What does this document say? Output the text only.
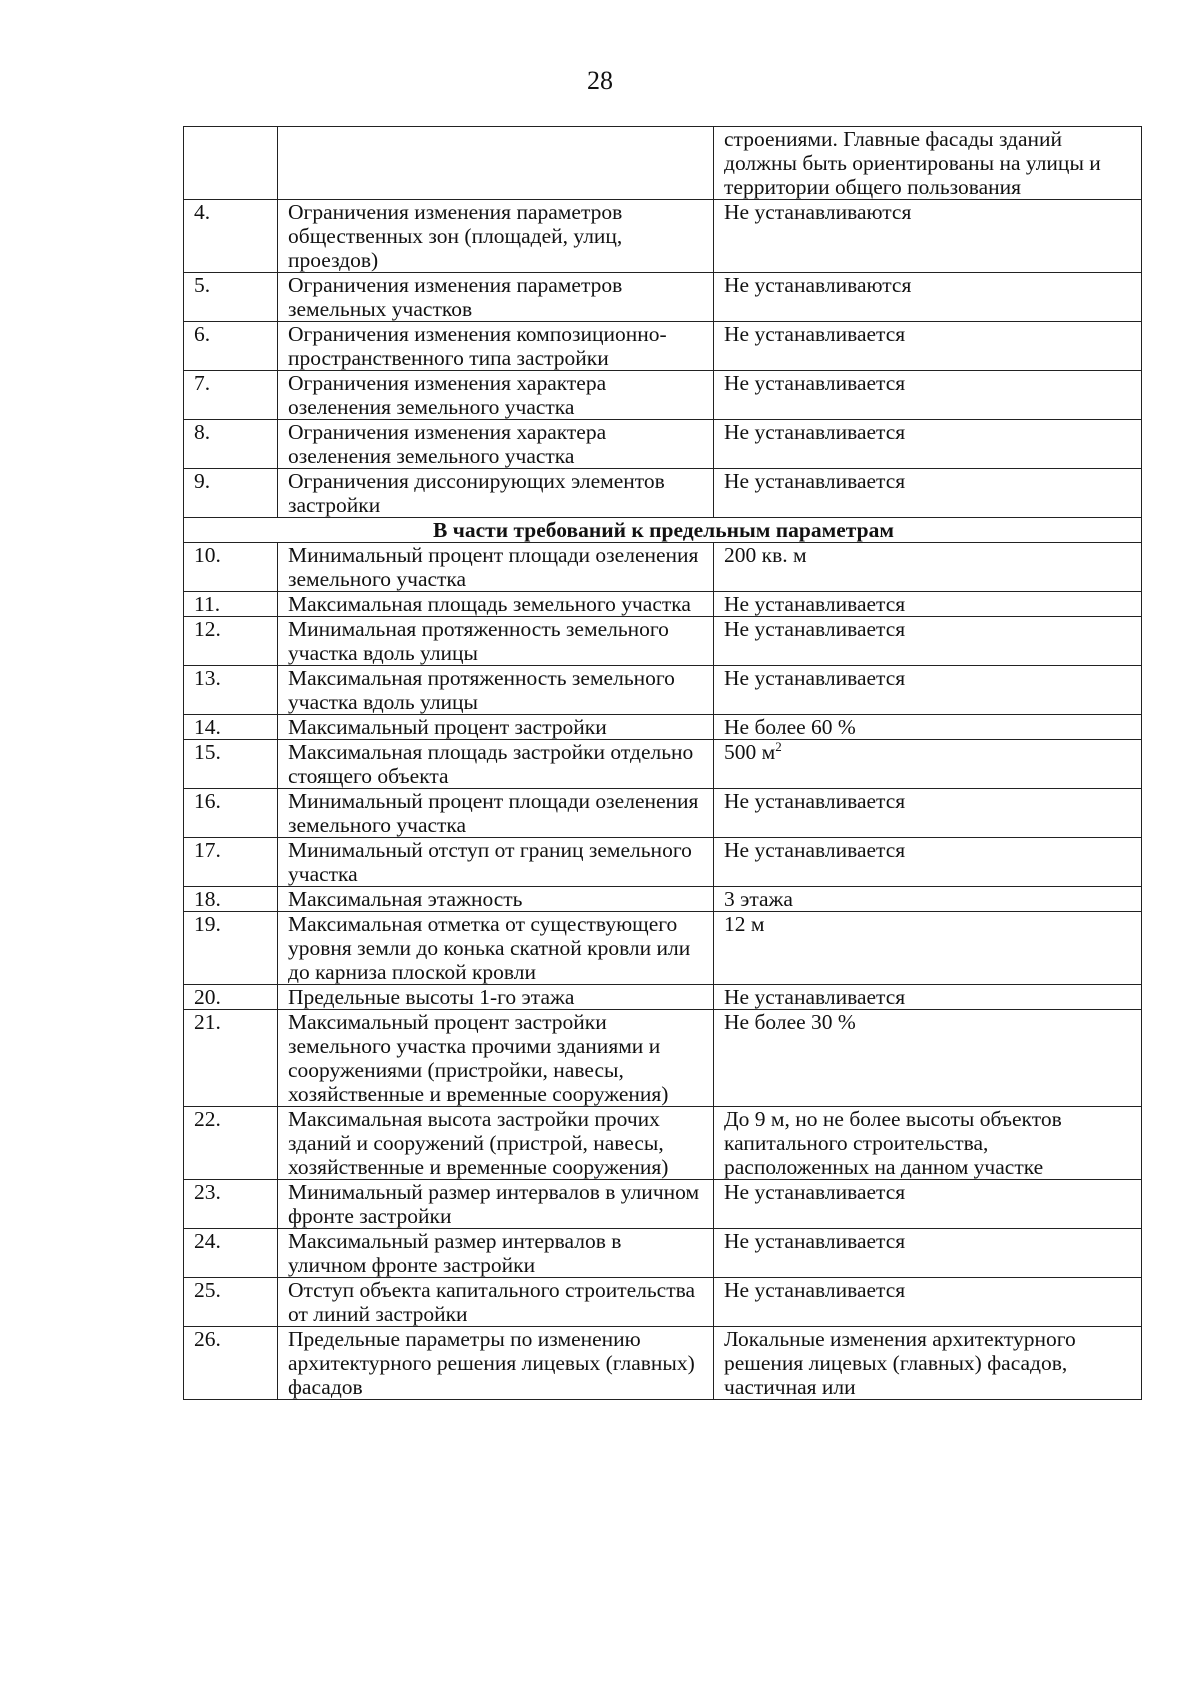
28
		строениями. Главные фасады зданий должны быть ориентированы на улицы и территории общего пользования
4.	Ограничения изменения параметров общественных зон (площадей, улиц, проездов)	Не устанавливаются
5.	Ограничения изменения параметров земельных участков	Не устанавливаются
6.	Ограничения изменения композиционно-пространственного типа застройки	Не устанавливается
7.	Ограничения изменения характера озеленения земельного участка	Не устанавливается
8.	Ограничения изменения характера озеленения земельного участка	Не устанавливается
9.	Ограничения диссонирующих элементов застройки	Не устанавливается
В части требований к предельным параметрам		
10.	Минимальный процент площади озеленения земельного участка	200 кв. м
11.	Максимальная площадь земельного участка	Не устанавливается
12.	Минимальная протяженность земельного участка вдоль улицы	Не устанавливается
13.	Максимальная протяженность земельного участка вдоль улицы	Не устанавливается
14.	Максимальный процент застройки	Не более 60 %
15.	Максимальная площадь застройки отдельно стоящего объекта	500 $м^2$
16.	Минимальный процент площади озеленения земельного участка	Не устанавливается
17.	Минимальный отступ от границ земельного участка	Не устанавливается
18.	Максимальная этажность	3 этажа
19.	Максимальная отметка от существующего уровня земли до конька скатной кровли или до карниза плоской кровли	12 м
20.	Предельные высоты 1-го этажа	Не устанавливается
21.	Максимальный процент застройки земельного участка прочими зданиями и сооружениями (пристройки, навесы, хозяйственные и временные сооружения)	Не более 30 %
22.	Максимальная высота застройки прочих зданий и сооружений (пристрой, навесы, хозяйственные и временные сооружения)	До 9 м, но не более высоты объектов капитального строительства, расположенных на данном участке
23.	Минимальный размер интервалов в уличном фронте застройки	Не устанавливается
24.	Максимальный размер интервалов в уличном фронте застройки	Не устанавливается
25.	Отступ объекта капитального строительства от линий застройки	Не устанавливается
26.	Предельные параметры по изменению архитектурного решения лицевых (главных) фасадов	Локальные изменения архитектурного решения лицевых (главных) фасадов, частичная или
